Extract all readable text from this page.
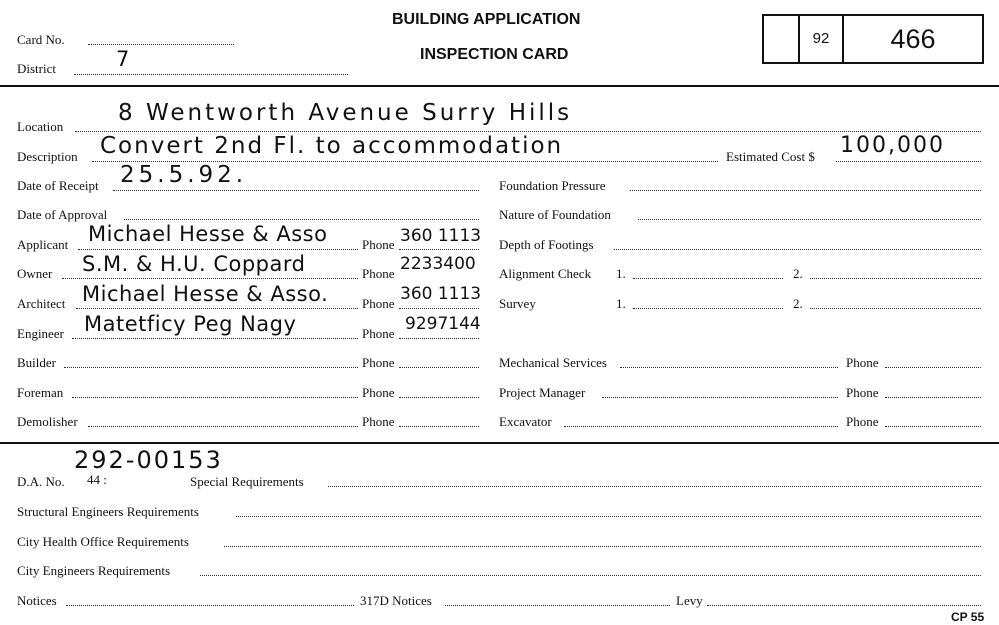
Card No.
District	7
BUILDING APPLICATION
INSPECTION CARD
92	466
Location
8 Wentworth Avenue Surry Hills
Description Convert 2nd Fl. to accommodation	Estimated Cost $ 100,000
Date of Receipt 25.5.92.
Date of Approval
Applicant Michael Hesse & Asso	Phone 360 1113
Owner S.M. & H.U. Coppard	Phone 2233400
Architect Michael Hesse & Asso.	Phone 360 1113
Engineer Matetficy Peg Nagy	Phone 9297144
Builder	Phone
Foreman	Phone
Demolisher	Phone
Foundation Pressure
Nature of Foundation
Depth of Footings
Alignment Check 1.	2.
Survey	1.	2.
Mechanical Services	Phone
Project Manager	Phone
Excavator	Phone
292-00153
D.A. No. 44 :	Special Requirements
Structural Engineers Requirements
City Health Office Requirements
City Engineers Requirements
Notices	317D Notices	Levy
CP 55
